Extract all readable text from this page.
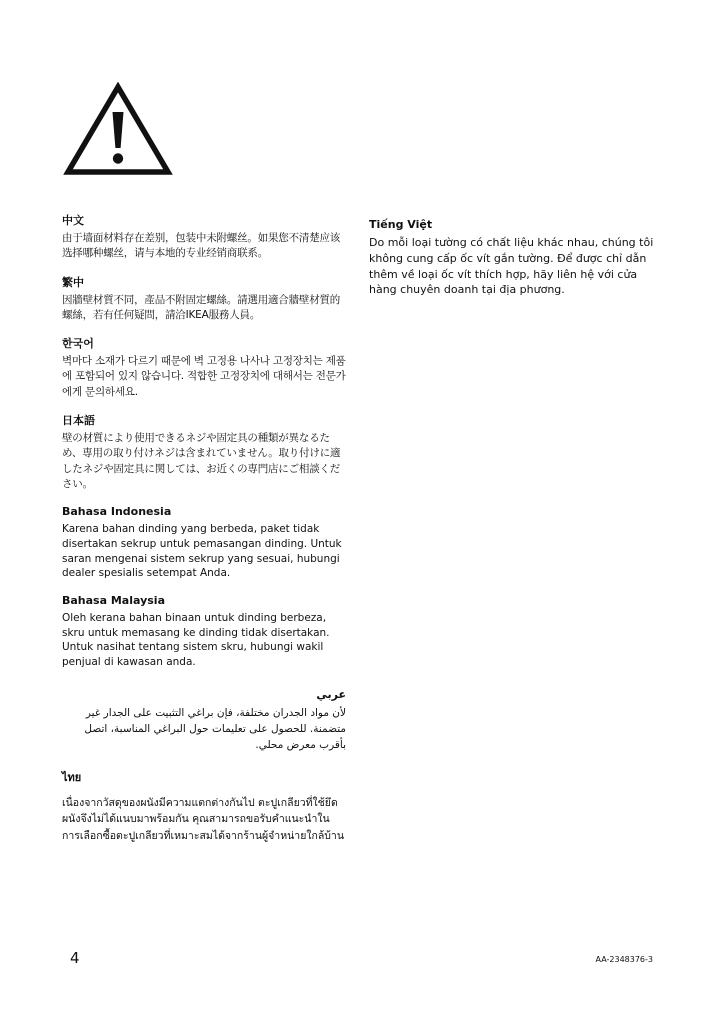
中文

由于墙面材料存在差别，包装中未附螺丝。如果您不清楚应该选择哪种螺丝，请与本地的专业经销商联系。

繁中

因牆壁材質不同，產品不附固定螺絲。請選用適合牆壁材質的螺絲，若有任何疑問，請洽IKEA服務人員。

한국어

벽마다 소재가 다르기 때문에 벽 고정용 나사나 고정장치는 제품에 포함되어 있지 않습니다. 적합한 고정장치에 대해서는 전문가에게 문의하세요.

日本語

壁の材質により使用できるネジや固定具の種類が異なるため、専用の取り付けネジは含まれていません。取り付けに適したネジや固定具に関しては、お近くの専門店にご相談ください。

Bahasa Indonesia

Karena bahan dinding yang berbeda, paket tidak disertakan sekrup untuk pemasangan dinding. Untuk saran mengenai sistem sekrup yang sesuai, hubungi dealer spesialis setempat Anda.

Bahasa Malaysia

Oleh kerana bahan binaan untuk dinding berbeza, skru untuk memasang ke dinding tidak disertakan. Untuk nasihat tentang sistem skru, hubungi wakil penjual di kawasan anda.

عربي

لأن مواد الجدران مختلفة، فإن براغي التثبيت على الجدار غير متضمنة. للحصول على تعليمات حول البراغي المناسبة، اتصل بأقرب معرض محلي.

ไทย

เนื่องจากวัสดุของผนังมีความแตกต่างกันไป ตะปูเกลียวที่ใช้ยึดผนังจึงไม่ได้แนบมาพร้อมกัน คุณสามารถขอรับคำแนะนำในการเลือกซื้อตะปูเกลียวที่เหมาะสมได้จากร้านผู้จำหน่ายใกล้บ้าน

Tiếng Việt

Do mỗi loại tường có chất liệu khác nhau, chúng tôi không cung cấp ốc vít gắn tường. Để được chỉ dẫn thêm về loại ốc vít thích hợp, hãy liên hệ với cửa hàng chuyên doanh tại địa phương.

4	AA-2348376-3
